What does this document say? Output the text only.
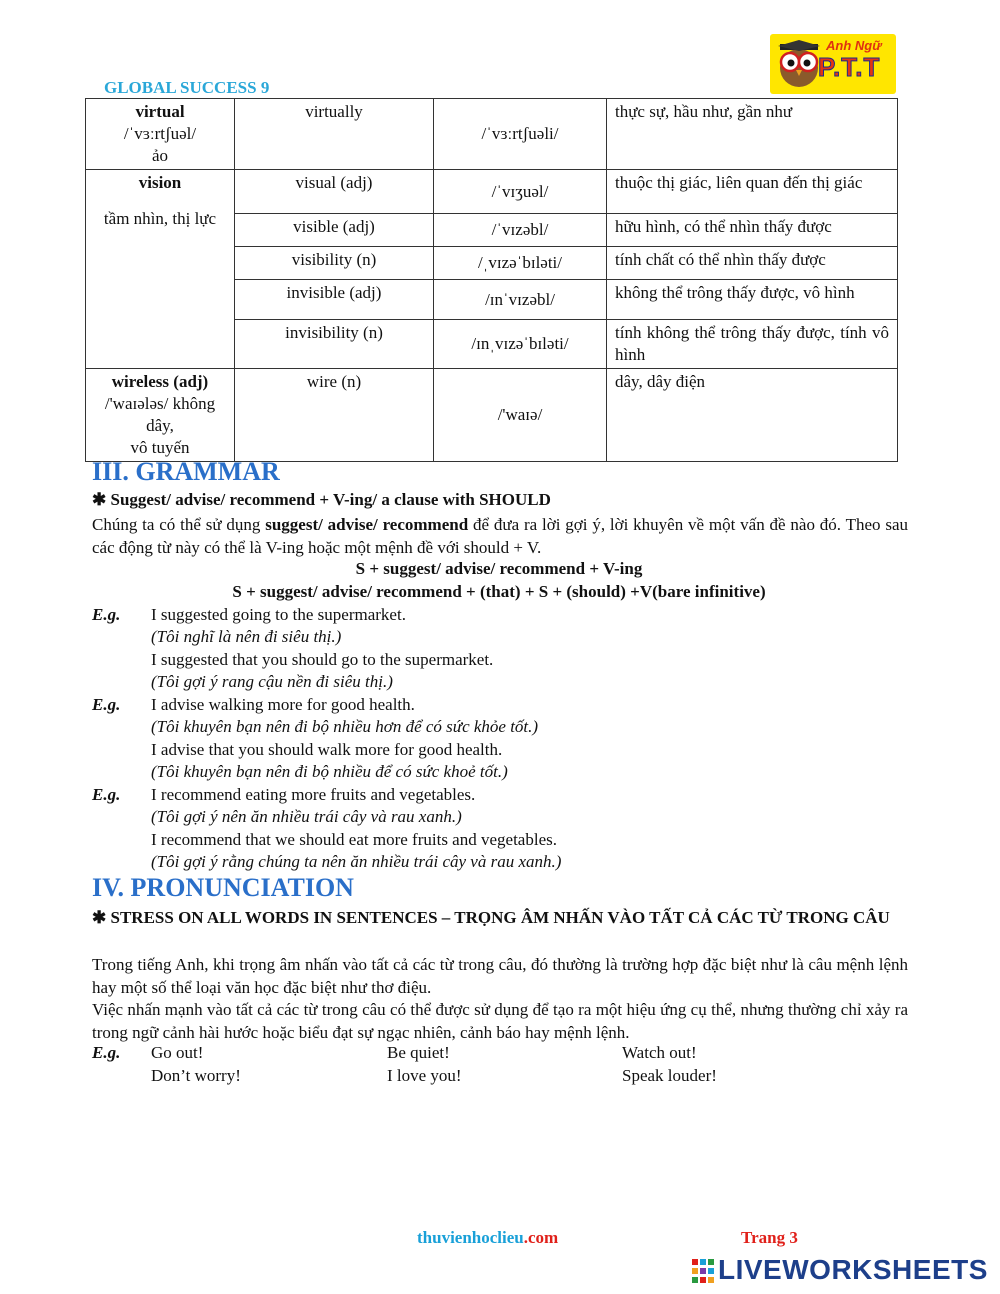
GLOBAL SUCCESS 9
Anh Ngữ
P.T.T
virtual
/ˈvɜːrtʃuəl/
ảo	virtually	/ˈvɜːrtʃuəli/	thực sự, hầu như, gần như
vision

tầm nhìn, thị lực	visual (adj)	/ˈvɪʒuəl/	thuộc thị giác, liên quan đến thị giác
	visible (adj)	/ˈvɪzəbl/	hữu hình, có thể nhìn thấy được
	visibility (n)	/ˌvɪzəˈbɪləti/	tính chất có thể nhìn thấy được
	invisible (adj)	/ɪnˈvɪzəbl/	không thể trông thấy được, vô hình
	invisibility (n)	/ɪnˌvɪzəˈbɪləti/	tính không thể trông thấy được, tính vô hình
wireless (adj)
/'waɪələs/ không dây,
vô tuyến	wire (n)	/'waɪə/	dây, dây điện
III. GRAMMAR
✱ Suggest/ advise/ recommend + V-ing/ a clause with SHOULD
Chúng ta có thể sử dụng suggest/ advise/ recommend để đưa ra lời gợi ý, lời khuyên về một vấn đề nào đó. Theo sau các động từ này có thể là V-ing hoặc một mệnh đề với should + V.
S + suggest/ advise/ recommend + V-ing
S + suggest/ advise/ recommend + (that) + S + (should) +V(bare infinitive)
E.g. I suggested going to the supermarket.
(Tôi nghĩ là nên đi siêu thị.)
I suggested that you should go to the supermarket.
(Tôi gợi ý rang cậu nền đi siêu thị.)
E.g. I advise walking more for good health.
(Tôi khuyên bạn nên đi bộ nhiều hơn để có sức khỏe tốt.)
I advise that you should walk more for good health.
(Tôi khuyên bạn nên đi bộ nhiều để có sức khoẻ tốt.)
E.g. I recommend eating more fruits and vegetables.
(Tôi gợi ý nên ăn nhiều trái cây và rau xanh.)
I recommend that we should eat more fruits and vegetables.
(Tôi gợi ý rằng chúng ta nên ăn nhiều trái cây và rau xanh.)
IV. PRONUNCIATION
✱ STRESS ON ALL WORDS IN SENTENCES – TRỌNG ÂM NHẤN VÀO TẤT CẢ CÁC TỪ TRONG CÂU
Trong tiếng Anh, khi trọng âm nhấn vào tất cả các từ trong câu, đó thường là trường hợp đặc biệt như là câu mệnh lệnh hay một số thể loại văn học đặc biệt như thơ điệu.
Việc nhấn mạnh vào tất cả các từ trong câu có thể được sử dụng để tạo ra một hiệu ứng cụ thể, nhưng thường chỉ xảy ra trong ngữ cảnh hài hước hoặc biểu đạt sự ngạc nhiên, cảnh báo hay mệnh lệnh.
E.g. Go out!	Be quiet!	Watch out!
Don’t worry!	I love you!	Speak louder!
thuvienhoclieu.com	Trang 3
LIVEWORKSHEETS
